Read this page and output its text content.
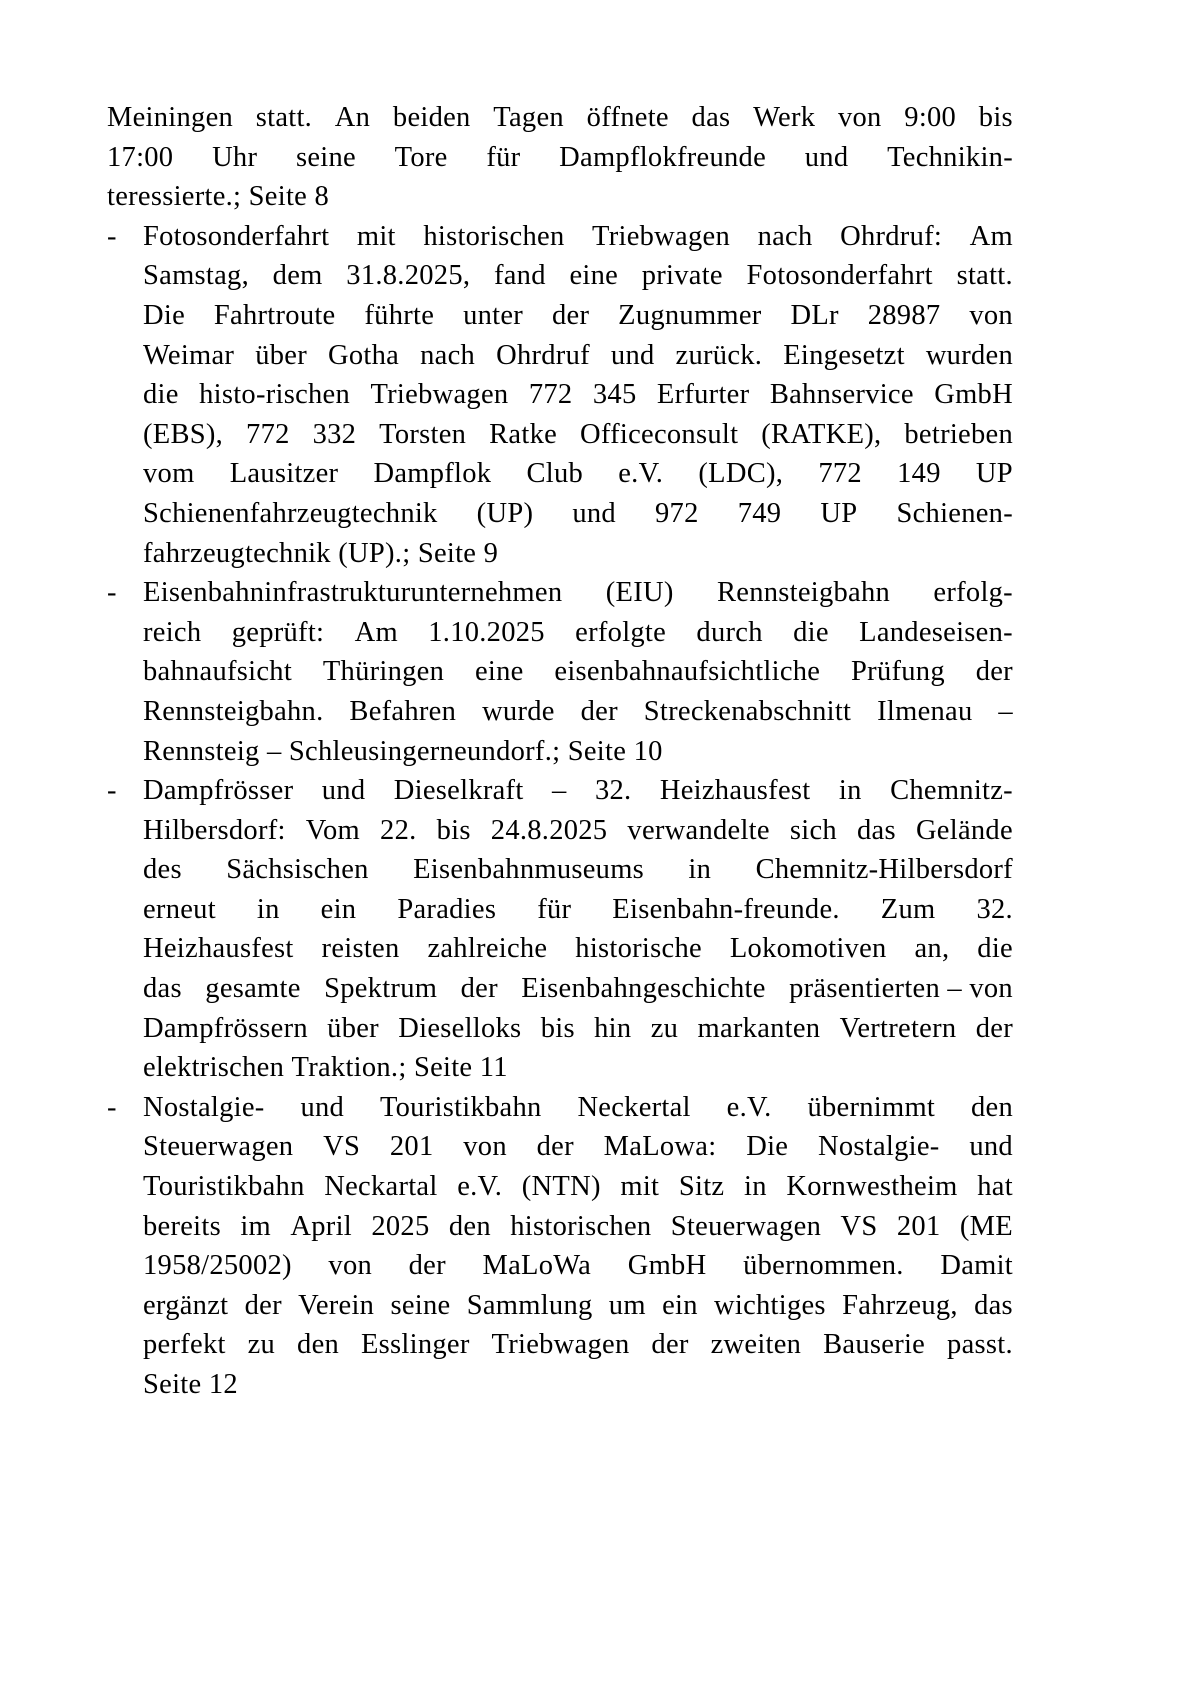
Meiningen statt. An beiden Tagen öffnete das Werk von 9:00 bis
17:00 Uhr seine Tore für Dampflokfreunde und Technikin-
teressierte.; Seite 8
- Fotosonderfahrt mit historischen Triebwagen nach Ohrdruf: Am
Samstag, dem 31.8.2025, fand eine private Fotosonderfahrt statt.
Die Fahrtroute führte unter der Zugnummer DLr 28987 von
Weimar über Gotha nach Ohrdruf und zurück. Eingesetzt wurden
die histo-rischen Triebwagen 772 345 Erfurter Bahnservice GmbH
(EBS), 772 332 Torsten Ratke Officeconsult (RATKE), betrieben
vom Lausitzer Dampflok Club e.V. (LDC), 772 149 UP
Schienenfahrzeugtechnik (UP) und 972 749 UP Schienen-
fahrzeugtechnik (UP).; Seite 9
- Eisenbahninfrastrukturunternehmen (EIU) Rennsteigbahn erfolg-
reich geprüft: Am 1.10.2025 erfolgte durch die Landeseisen-
bahnaufsicht Thüringen eine eisenbahnaufsichtliche Prüfung der
Rennsteigbahn. Befahren wurde der Streckenabschnitt Ilmenau –
Rennsteig – Schleusingerneundorf.; Seite 10
- Dampfrösser und Dieselkraft – 32. Heizhausfest in Chemnitz-
Hilbersdorf: Vom 22. bis 24.8.2025 verwandelte sich das Gelände
des Sächsischen Eisenbahnmuseums in Chemnitz-Hilbersdorf
erneut in ein Paradies für Eisenbahn-freunde. Zum 32.
Heizhausfest reisten zahlreiche historische Lokomotiven an, die
das gesamte Spektrum der Eisenbahngeschichte präsentierten – von
Dampfrössern über Dieselloks bis hin zu markanten Vertretern der
elektrischen Traktion.; Seite 11
- Nostalgie- und Touristikbahn Neckertal e.V. übernimmt den
Steuerwagen VS 201 von der MaLowa: Die Nostalgie- und
Touristikbahn Neckartal e.V. (NTN) mit Sitz in Kornwestheim hat
bereits im April 2025 den historischen Steuerwagen VS 201 (ME
1958/25002) von der MaLoWa GmbH übernommen. Damit
ergänzt der Verein seine Sammlung um ein wichtiges Fahrzeug, das
perfekt zu den Esslinger Triebwagen der zweiten Bauserie passt.
Seite 12
